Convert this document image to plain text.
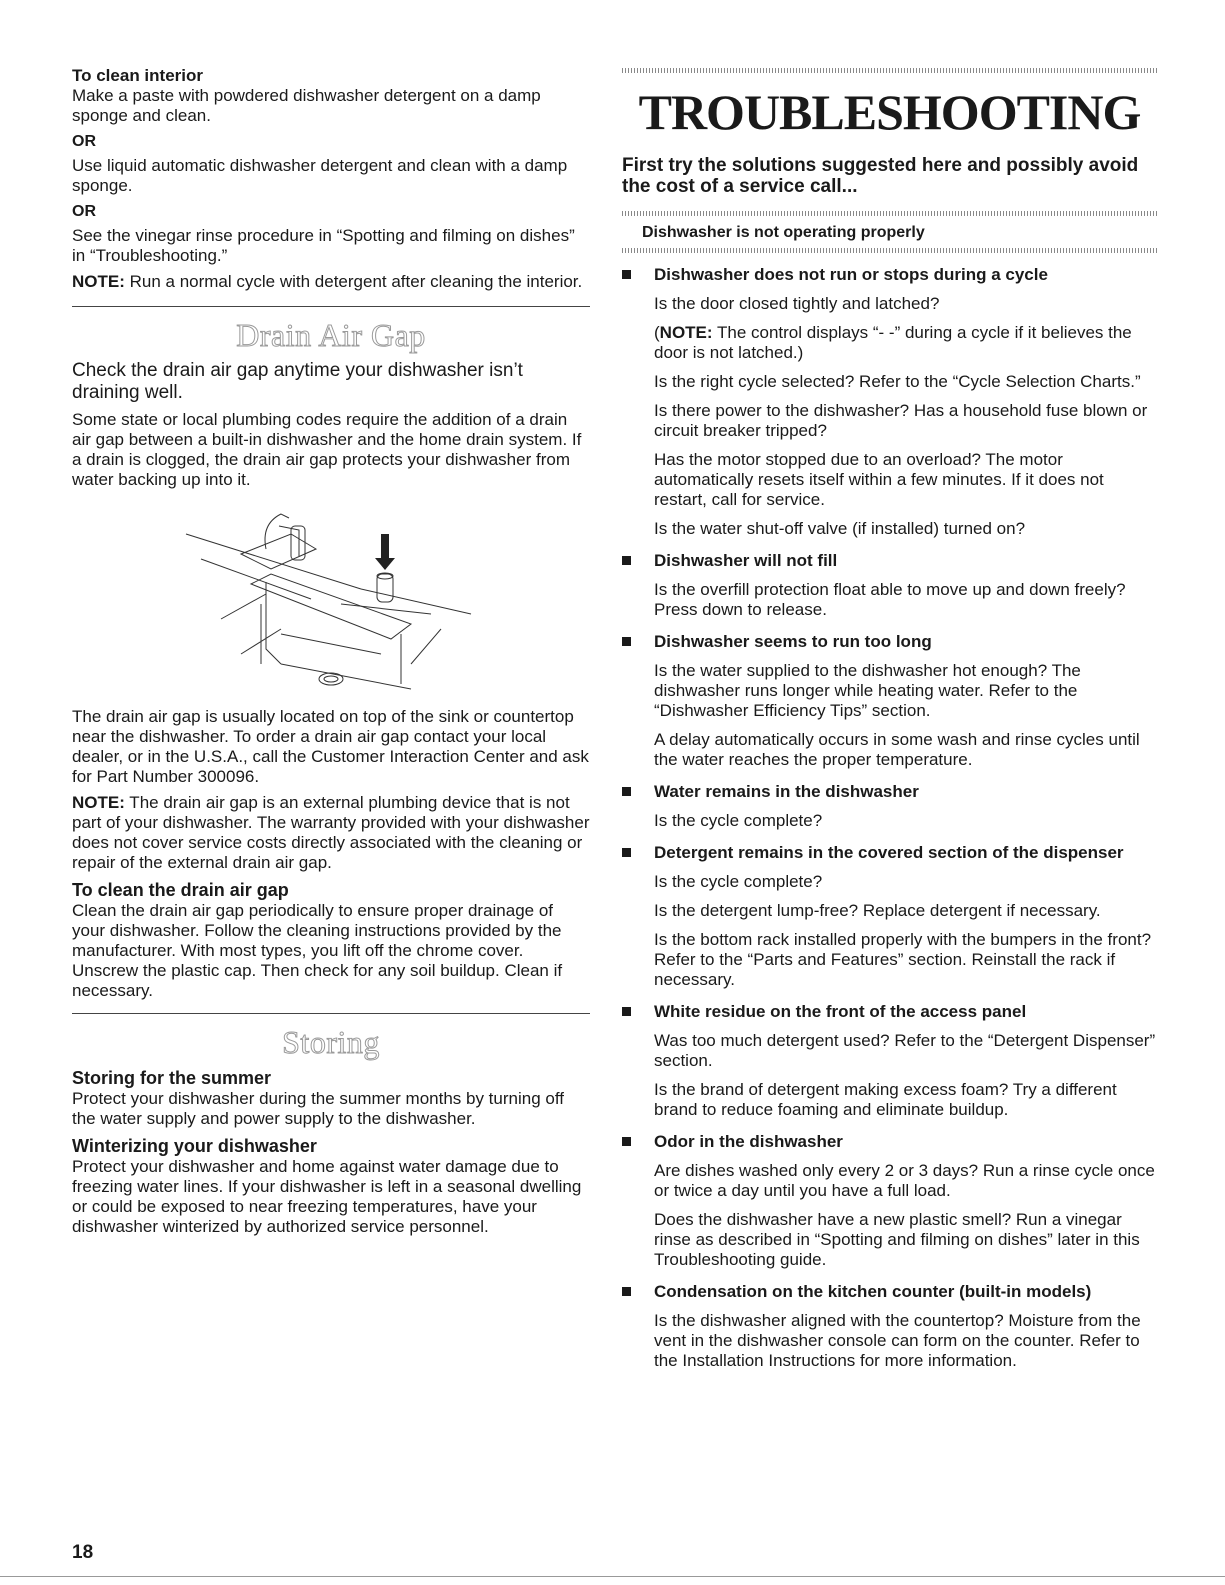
To clean interior

Make a paste with powdered dishwasher detergent on a damp sponge and clean.

OR

Use liquid automatic dishwasher detergent and clean with a damp sponge.

OR

See the vinegar rinse procedure in “Spotting and filming on dishes” in “Troubleshooting.”

NOTE: Run a normal cycle with detergent after cleaning the interior.

Drain Air Gap

Check the drain air gap anytime your dishwasher isn’t draining well.

Some state or local plumbing codes require the addition of a drain air gap between a built-in dishwasher and the home drain system. If a drain is clogged, the drain air gap protects your dishwasher from water backing up into it.

The drain air gap is usually located on top of the sink or countertop near the dishwasher. To order a drain air gap contact your local dealer, or in the U.S.A., call the Customer Interaction Center and ask for Part Number 300096.

NOTE: The drain air gap is an external plumbing device that is not part of your dishwasher. The warranty provided with your dishwasher does not cover service costs directly associated with the cleaning or repair of the external drain air gap.

To clean the drain air gap

Clean the drain air gap periodically to ensure proper drainage of your dishwasher. Follow the cleaning instructions provided by the manufacturer. With most types, you lift off the chrome cover. Unscrew the plastic cap. Then check for any soil buildup. Clean if necessary.

Storing

Storing for the summer

Protect your dishwasher during the summer months by turning off the water supply and power supply to the dishwasher.

Winterizing your dishwasher

Protect your dishwasher and home against water damage due to freezing water lines. If your dishwasher is left in a seasonal dwelling or could be exposed to near freezing temperatures, have your dishwasher winterized by authorized service personnel.

TROUBLESHOOTING

First try the solutions suggested here and possibly avoid the cost of a service call...

Dishwasher is not operating properly
Dishwasher does not run or stops during a cycle

Is the door closed tightly and latched?

(NOTE: The control displays “- -” during a cycle if it believes the door is not latched.)

Is the right cycle selected? Refer to the “Cycle Selection Charts.”

Is there power to the dishwasher? Has a household fuse blown or circuit breaker tripped?

Has the motor stopped due to an overload? The motor automatically resets itself within a few minutes. If it does not restart, call for service.

Is the water shut-off valve (if installed) turned on?

Dishwasher will not fill

Is the overfill protection float able to move up and down freely? Press down to release.

Dishwasher seems to run too long

Is the water supplied to the dishwasher hot enough? The dishwasher runs longer while heating water. Refer to the “Dishwasher Efficiency Tips” section.

A delay automatically occurs in some wash and rinse cycles until the water reaches the proper temperature.

Water remains in the dishwasher

Is the cycle complete?

Detergent remains in the covered section of the dispenser

Is the cycle complete?

Is the detergent lump-free? Replace detergent if necessary.

Is the bottom rack installed properly with the bumpers in the front? Refer to the “Parts and Features” section. Reinstall the rack if necessary.

White residue on the front of the access panel

Was too much detergent used? Refer to the “Detergent Dispenser” section.

Is the brand of detergent making excess foam? Try a different brand to reduce foaming and eliminate buildup.

Odor in the dishwasher

Are dishes washed only every 2 or 3 days? Run a rinse cycle once or twice a day until you have a full load.

Does the dishwasher have a new plastic smell? Run a vinegar rinse as described in “Spotting and filming on dishes” later in this Troubleshooting guide.

Condensation on the kitchen counter (built-in models)

Is the dishwasher aligned with the countertop? Moisture from the vent in the dishwasher console can form on the counter. Refer to the Installation Instructions for more information.

18
